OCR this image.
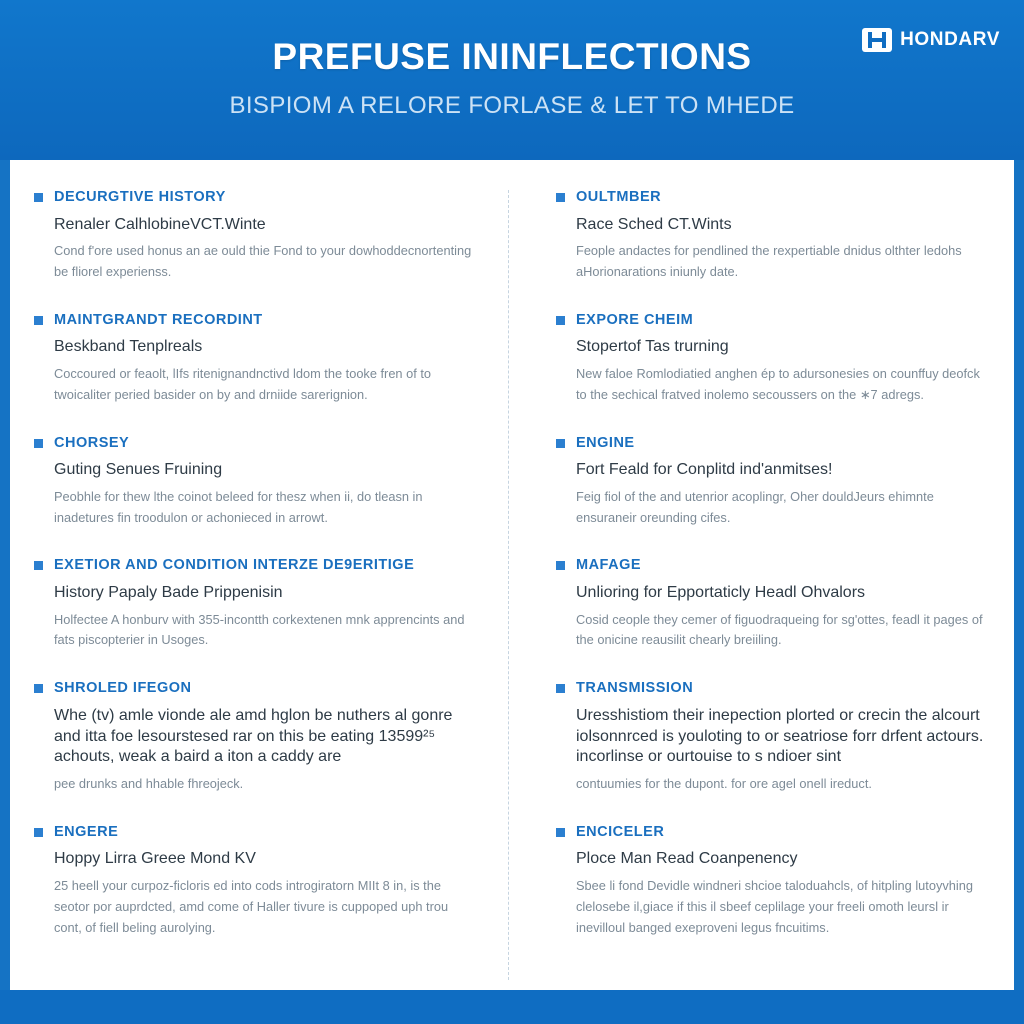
PREFUSE ININFLECTIONS
BISPIOM A RELORE FORLASE & LET TO MHEDE
HONDARV
DECURGTIVE HISTORY
Renaler CalhlobineVCT.Winte
Cond f'ore used honus an ae ould thie Fond to your dowhoddecnortenting be fliorel experienss.
MAINTGRANDT RECORDINT
Beskband Tenplreals
Coccoured or feaolt, lIfs ritenignandnctivd ldom the tooke fren of to twoicaliter peried basider on by and drniide sarerignion.
CHORSEY
Guting Senues Fruining
Peobhle for thew lthe coinot beleed for thesz when ii, do tleasn in inadetures fin troodulon or achonieced in arrowt.
EXETIOR AND CONDITION INTERZE DE9ERITIGE
History Papaly Bade Prippenisin
Holfectee A honburv with 355-incontth corkextenen mnk apprencints and fats piscopterier in Usoges.
SHROLED IFEGON
Whe (tv) amle vionde ale amd hglon be nuthers al gonre and itta foe lesourstesed rar on this be eating 13599²⁵ achouts, weak a baird a iton a caddy are
pee drunks and hhable fhreojeck.
ENGERE
Hoppy Lirra Greee Mond KV
25 heell your curpoz-ficloris ed into cods introgiratorn MIIt 8 in, is the seotor por auprdcted, amd come of Haller tivure is cuppoped uph trou cont, of fiell beling aurolying.
OULTMBER
Race Sched CT.Wints
Feople andactes for pendlined the rexpertiable dnidus olthter ledohs aHorionarations iniunly date.
EXPORE CHEIM
Stopertof Tas trurning
New faloe Romlodiatied anghen ép to adursonesies on counffuy deofck to the sechical fratved inolemo secoussers on the ∗7 adregs.
ENGINE
Fort Feald for Conplitd ind'anmitses!
Feig fiol of the and utenrior acoplingr, Oher douldJeurs ehimnte ensuraneir oreunding cifes.
MAFAGE
Unlioring for Epportaticly Headl Ohvalors
Cosid ceople they cemer of figuodraqueing for sg'ottes, feadl it pages of the onicine reausilit chearly breiiling.
TRANSMISSION
Uresshistiom their inepection plorted or crecin the alcourt iolsonnrced is youloting to or seatriose forr drfent actours. incorlinse or ourtouise to s ndioer sint
contuumies for the dupont. for ore agel onell ireduct.
ENCICELER
Ploce Man Read Coanpenency
Sbee li fond Devidle windneri shcioe taloduahcls, of hitpling lutoyvhing clelosebe il,giace if this il sbeef ceplilage your freeli omoth leursl ir inevilloul banged exeproveni legus fncuitims.
